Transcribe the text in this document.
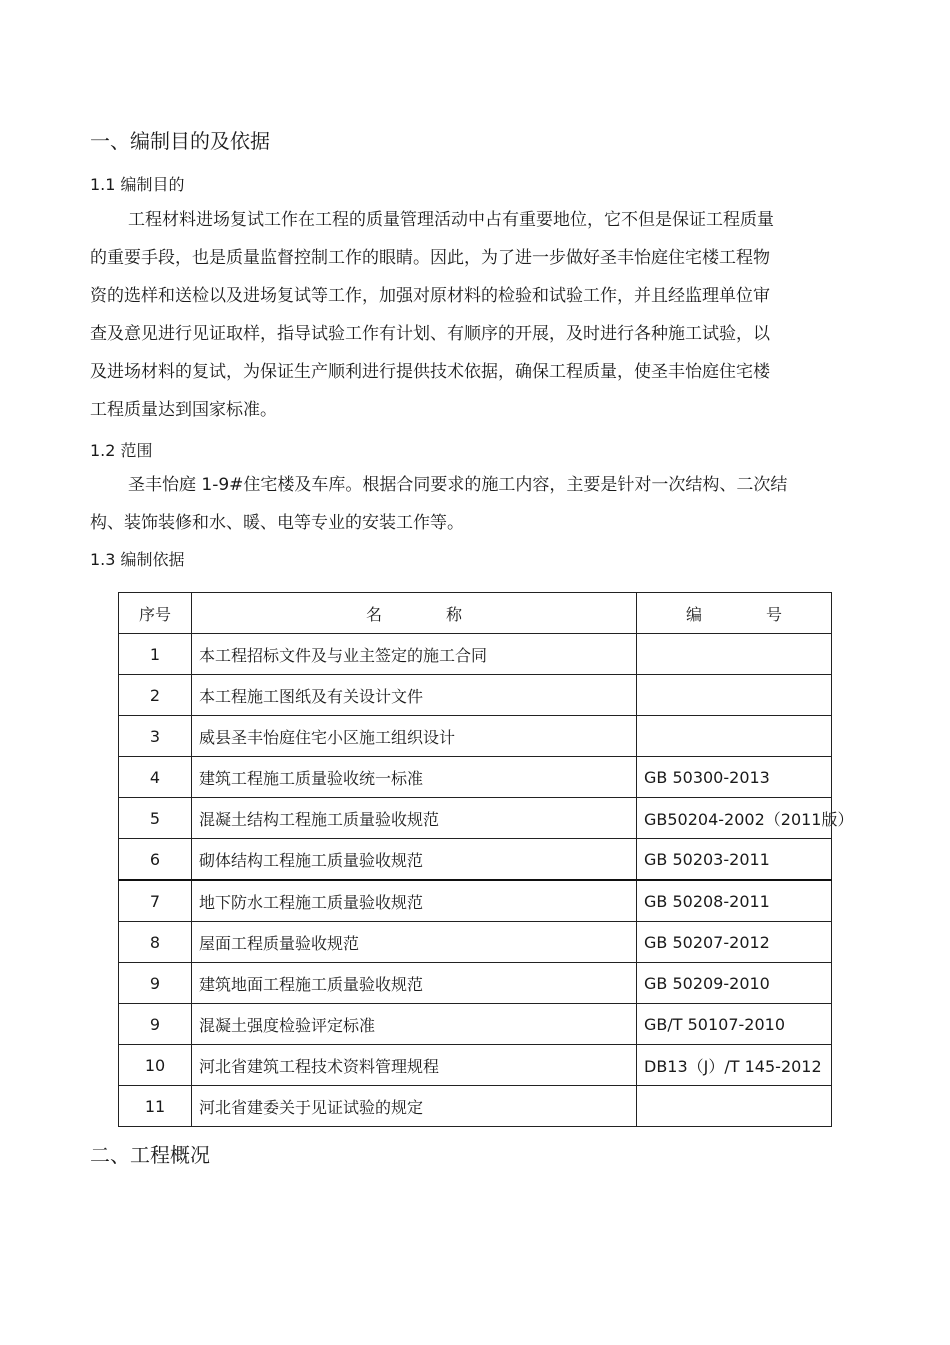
一、编制目的及依据
1.1 编制目的
工程材料进场复试工作在工程的质量管理活动中占有重要地位，它不但是保证工程质量
的重要手段，也是质量监督控制工作的眼睛。因此，为了进一步做好圣丰怡庭住宅楼工程物
资的选样和送检以及进场复试等工作，加强对原材料的检验和试验工作，并且经监理单位审
查及意见进行见证取样，指导试验工作有计划、有顺序的开展，及时进行各种施工试验，以
及进场材料的复试，为保证生产顺利进行提供技术依据，确保工程质量，使圣丰怡庭住宅楼
工程质量达到国家标准。
1.2 范围
圣丰怡庭 1-9#住宅楼及车库。根据合同要求的施工内容，主要是针对一次结构、二次结
构、装饰装修和水、暖、电等专业的安装工作等。
1.3 编制依据
序号	名　　　　称	编　　　　号
1	本工程招标文件及与业主签定的施工合同	
2	本工程施工图纸及有关设计文件	
3	威县圣丰怡庭住宅小区施工组织设计	
4	建筑工程施工质量验收统一标准	GB 50300-2013
5	混凝土结构工程施工质量验收规范	GB50204-2002（2011版）
6	砌体结构工程施工质量验收规范	GB 50203-2011
7	地下防水工程施工质量验收规范	GB 50208-2011
8	屋面工程质量验收规范	GB 50207-2012
9	建筑地面工程施工质量验收规范	GB 50209-2010
9	混凝土强度检验评定标准	GB/T 50107-2010
10	河北省建筑工程技术资料管理规程	DB13（J）/T 145-2012
11	河北省建委关于见证试验的规定	
二、工程概况
